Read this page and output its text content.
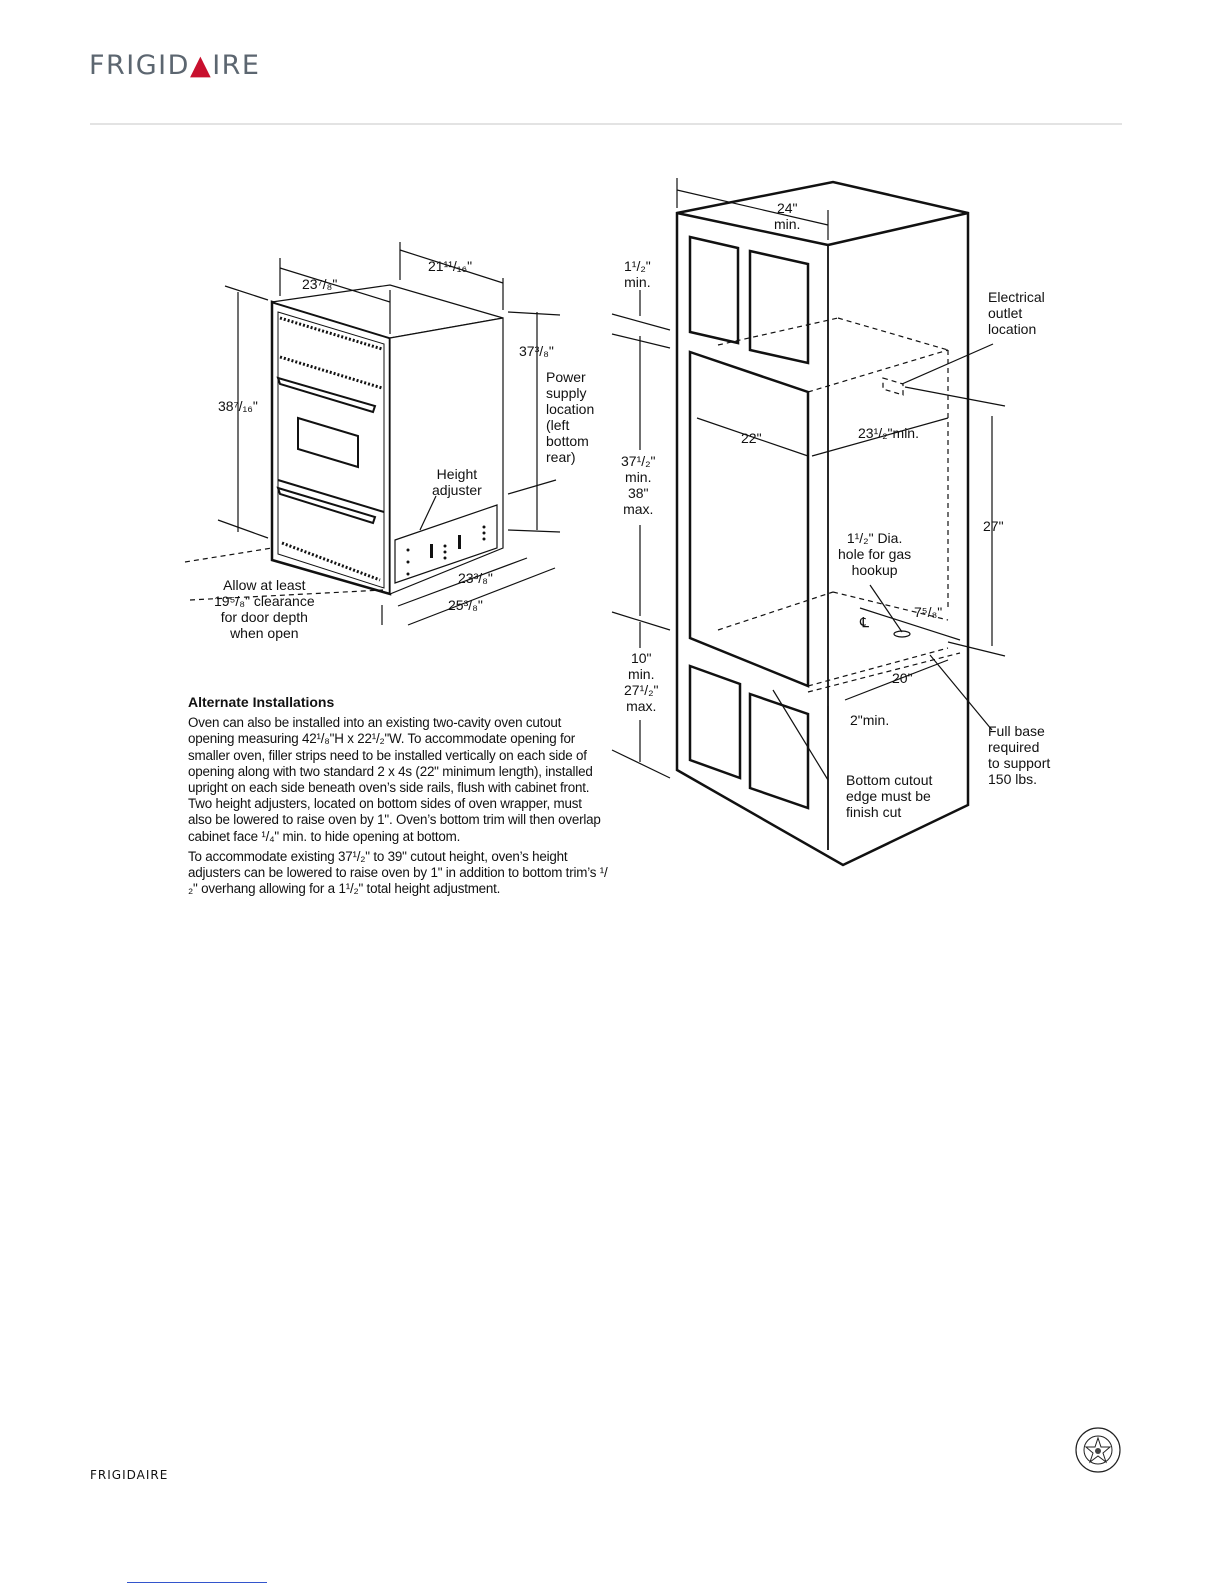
FRIGID▲IRE
21¹¹/₁₆"
23⁷/₈"
38⁷/₁₆"
37³/₈"
Power
supply
location
(left
bottom
rear)
Height
adjuster
23³/₈"
25³/₈"
Allow at least
19⁵/₈" clearance
for door depth
when open
24"
min.
1¹/₂"
min.
Electrical
outlet
location
22"	23¹/₂"min.
37¹/₂"
min.
38"
max.
27"
1¹/₂" Dia.
hole for gas
hookup
7⁵/₈"
℄
10"
min.
27¹/₂"
max.
20"
2"min.
Full base
required
to support
150 lbs.
Bottom cutout
edge must be
finish cut
Alternate Installations

Oven can also be installed into an existing two-cavity oven cutout opening measuring 42¹/₈"H x 22¹/₂"W. To accommodate opening for smaller oven, filler strips need to be installed vertically on each side of opening along with two standard 2 x 4s (22" minimum length), installed upright on each side beneath oven’s side rails, flush with cabinet front. Two height adjusters, located on bottom sides of oven wrapper, must also be lowered to raise oven by 1". Oven’s bottom trim will then overlap cabinet face ¹/₄" min. to hide opening at bottom.

To accommodate existing 37¹/₂" to 39" cutout height, oven’s height adjusters can be lowered to raise oven by 1" in addition to bottom trim’s ¹/₂" overhang allowing for a 1¹/₂" total height adjustment.

FRIGIDAIRE
